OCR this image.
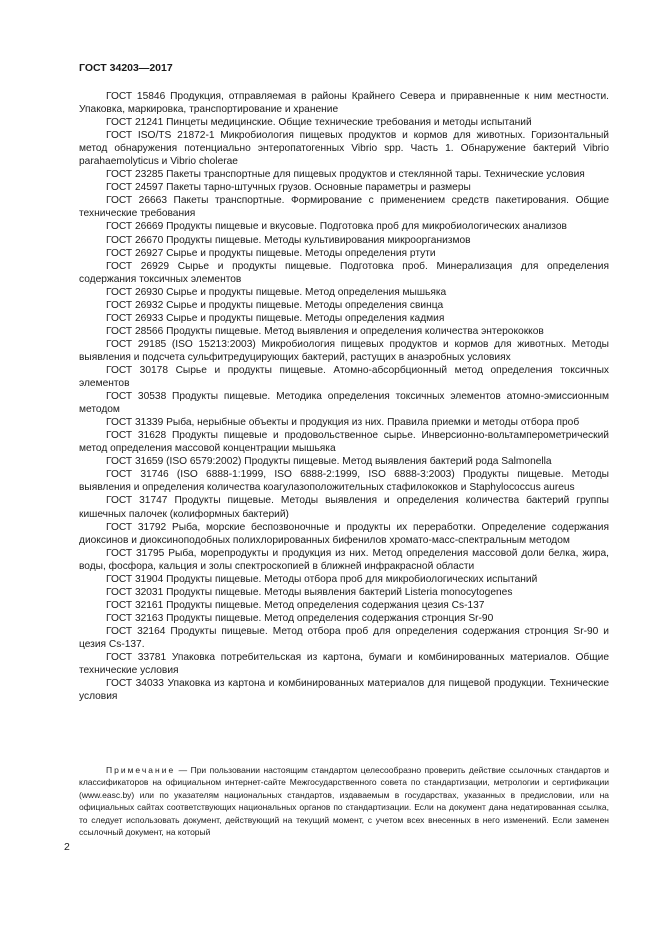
ГОСТ 34203—2017

ГОСТ 15846 Продукция, отправляемая в районы Крайнего Севера и приравненные к ним местности. Упаковка, маркировка, транспортирование и хранение

ГОСТ 21241 Пинцеты медицинские. Общие технические требования и методы испытаний

ГОСТ ISO/TS 21872-1 Микробиология пищевых продуктов и кормов для животных. Горизонтальный метод обнаружения потенциально энтеропатогенных Vibrio spp. Часть 1. Обнаружение бактерий Vibrio parahaemolyticus и Vibrio cholerae

ГОСТ 23285 Пакеты транспортные для пищевых продуктов и стеклянной тары. Технические условия

ГОСТ 24597 Пакеты тарно-штучных грузов. Основные параметры и размеры

ГОСТ 26663 Пакеты транспортные. Формирование с применением средств пакетирования. Общие технические требования

ГОСТ 26669 Продукты пищевые и вкусовые. Подготовка проб для микробиологических анализов

ГОСТ 26670 Продукты пищевые. Методы культивирования микроорганизмов

ГОСТ 26927 Сырье и продукты пищевые. Методы определения ртути

ГОСТ 26929 Сырье и продукты пищевые. Подготовка проб. Минерализация для определения содержания токсичных элементов

ГОСТ 26930 Сырье и продукты пищевые. Метод определения мышьяка

ГОСТ 26932 Сырье и продукты пищевые. Методы определения свинца

ГОСТ 26933 Сырье и продукты пищевые. Методы определения кадмия

ГОСТ 28566 Продукты пищевые. Метод выявления и определения количества энтерококков

ГОСТ 29185 (ISO 15213:2003) Микробиология пищевых продуктов и кормов для животных. Методы выявления и подсчета сульфитредуцирующих бактерий, растущих в анаэробных условиях

ГОСТ 30178 Сырье и продукты пищевые. Атомно-абсорбционный метод определения токсичных элементов

ГОСТ 30538 Продукты пищевые. Методика определения токсичных элементов атомно-эмиссионным методом

ГОСТ 31339 Рыба, нерыбные объекты и продукция из них. Правила приемки и методы отбора проб

ГОСТ 31628 Продукты пищевые и продовольственное сырье. Инверсионно-вольтамперометрический метод определения массовой концентрации мышьяка

ГОСТ 31659 (ISO 6579:2002) Продукты пищевые. Метод выявления бактерий рода Salmonella

ГОСТ 31746 (ISO 6888-1:1999, ISO 6888-2:1999, ISO 6888-3:2003) Продукты пищевые. Методы выявления и определения количества коагулазоположительных стафилококков и Staphylococcus aureus

ГОСТ 31747 Продукты пищевые. Методы выявления и определения количества бактерий группы кишечных палочек (колиформных бактерий)

ГОСТ 31792 Рыба, морские беспозвоночные и продукты их переработки. Определение содержания диоксинов и диоксиноподобных полихлорированных бифенилов хромато-масс-спектральным методом

ГОСТ 31795 Рыба, морепродукты и продукция из них. Метод определения массовой доли белка, жира, воды, фосфора, кальция и золы спектроскопией в ближней инфракрасной области

ГОСТ 31904 Продукты пищевые. Методы отбора проб для микробиологических испытаний

ГОСТ 32031 Продукты пищевые. Методы выявления бактерий Listeria monocytogenes

ГОСТ 32161 Продукты пищевые. Метод определения содержания цезия Cs-137

ГОСТ 32163 Продукты пищевые. Метод определения содержания стронция Sr-90

ГОСТ 32164 Продукты пищевые. Метод отбора проб для определения содержания стронция Sr-90 и цезия Cs-137.

ГОСТ 33781 Упаковка потребительская из картона, бумаги и комбинированных материалов. Общие технические условия

ГОСТ 34033 Упаковка из картона и комбинированных материалов для пищевой продукции. Технические условия

Примечание — При пользовании настоящим стандартом целесообразно проверить действие ссылочных стандартов и классификаторов на официальном интернет-сайте Межгосударственного совета по стандартизации, метрологии и сертификации (www.easc.by) или по указателям национальных стандартов, издаваемым в государствах, указанных в предисловии, или на официальных сайтах соответствующих национальных органов по стандартизации. Если на документ дана недатированная ссылка, то следует использовать документ, действующий на текущий момент, с учетом всех внесенных в него изменений. Если заменен ссылочный документ, на который

2
